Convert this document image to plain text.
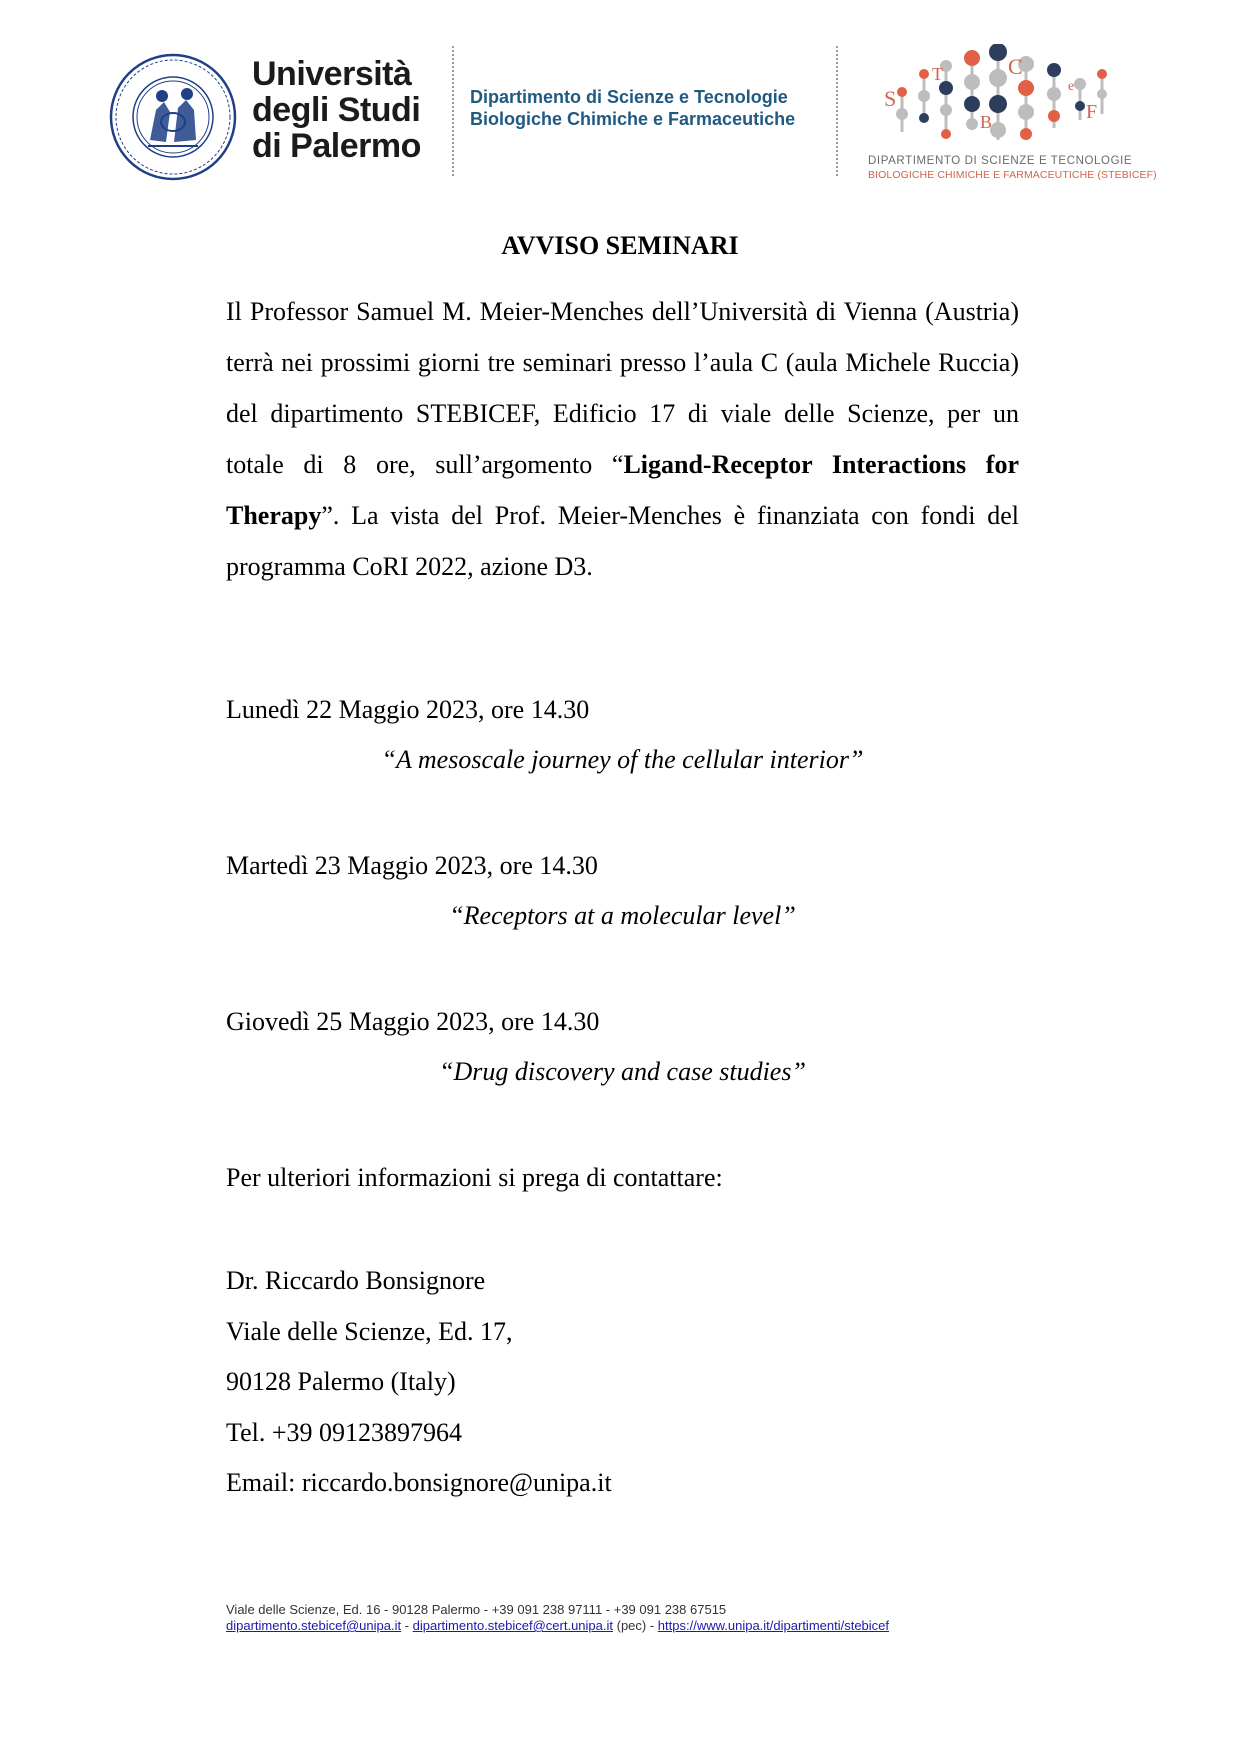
Università
degli Studi
di Palermo
Dipartimento di Scienze e Tecnologie
Biologiche Chimiche e Farmaceutiche
S
T	C
B
e
F
DIPARTIMENTO DI SCIENZE E TECNOLOGIE
BIOLOGICHE CHIMICHE E FARMACEUTICHE (STEBICEF)
AVVISO SEMINARI

Il Professor Samuel M. Meier-Menches dell’Università di Vienna (Austria) terrà nei prossimi giorni tre seminari presso l’aula C (aula Michele Ruccia) del dipartimento STEBICEF, Edificio 17 di viale delle Scienze, per un totale di 8 ore, sull’argomento “Ligand-Receptor Interactions for Therapy”. La vista del Prof. Meier-Menches è finanziata con fondi del programma CoRI 2022, azione D3.

Lunedì 22 Maggio 2023, ore 14.30

“A mesoscale journey of the cellular interior”

Martedì 23 Maggio 2023, ore 14.30

“Receptors at a molecular level”

Giovedì 25 Maggio 2023, ore 14.30

“Drug discovery and case studies”

Per ulteriori informazioni si prega di contattare:

Dr. Riccardo Bonsignore

Viale delle Scienze, Ed. 17,

90128 Palermo (Italy)

Tel. +39 09123897964

Email: riccardo.bonsignore@unipa.it

Viale delle Scienze, Ed. 16 - 90128 Palermo - +39 091 238 97111 - +39 091 238 67515
dipartimento.stebicef@unipa.it - dipartimento.stebicef@cert.unipa.it (pec) - https://www.unipa.it/dipartimenti/stebicef
